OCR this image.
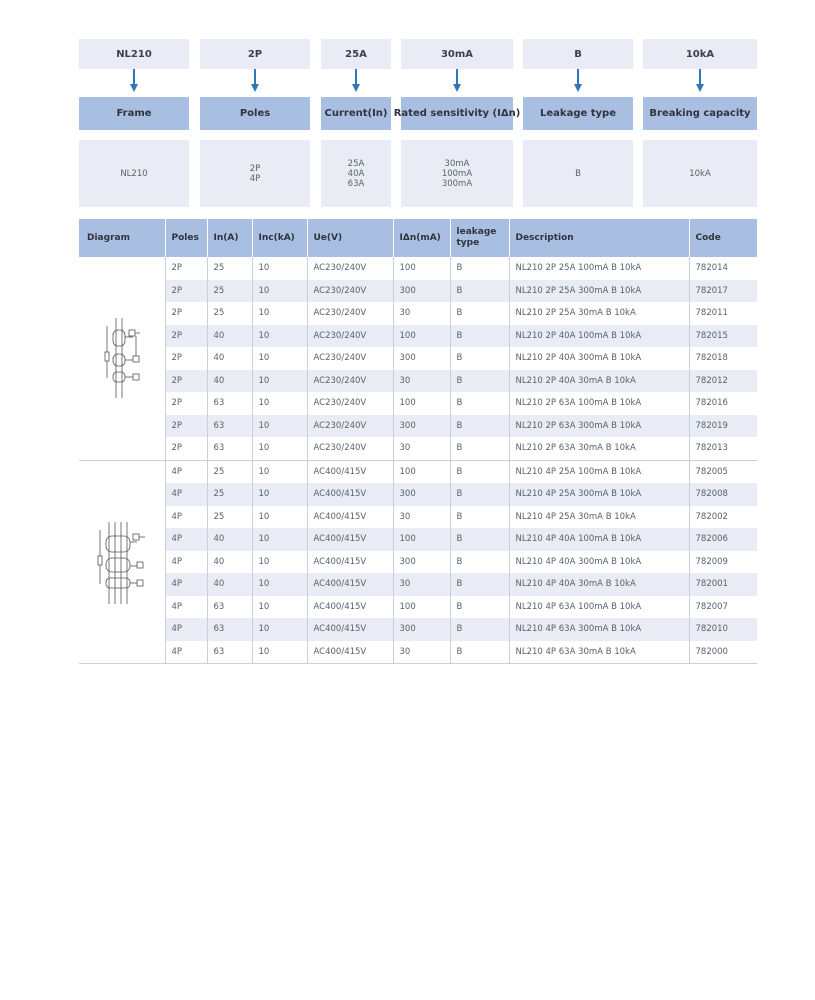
NL210
Frame
NL210
2P
Poles
2P
4P
25A
Current(In)
25A
40A
63A
30mA
Rated sensitivity (IΔn)
30mA
100mA
300mA
B
Leakage type
B
10kA
Breaking capacity
10kA
Diagram	Poles	In(A)	Inc(kA)	Ue(V)	IΔn(mA)	leakage type	Description	Code

	2P	25	10	AC230/240V	100	B	NL210 2P 25A 100mA B 10kA	782014
	2P	25	10	AC230/240V	300	B	NL210 2P 25A 300mA B 10kA	782017
	2P	25	10	AC230/240V	30	B	NL210 2P 25A 30mA B 10kA	782011
	2P	40	10	AC230/240V	100	B	NL210 2P 40A 100mA B 10kA	782015
	2P	40	10	AC230/240V	300	B	NL210 2P 40A 300mA B 10kA	782018
	2P	40	10	AC230/240V	30	B	NL210 2P 40A 30mA B 10kA	782012
	2P	63	10	AC230/240V	100	B	NL210 2P 63A 100mA B 10kA	782016
	2P	63	10	AC230/240V	300	B	NL210 2P 63A 300mA B 10kA	782019
	2P	63	10	AC230/240V	30	B	NL210 2P 63A 30mA B 10kA	782013

	4P	25	10	AC400/415V	100	B	NL210 4P 25A 100mA B 10kA	782005
	4P	25	10	AC400/415V	300	B	NL210 4P 25A 300mA B 10kA	782008
	4P	25	10	AC400/415V	30	B	NL210 4P 25A 30mA B 10kA	782002
	4P	40	10	AC400/415V	100	B	NL210 4P 40A 100mA B 10kA	782006
	4P	40	10	AC400/415V	300	B	NL210 4P 40A 300mA B 10kA	782009
	4P	40	10	AC400/415V	30	B	NL210 4P 40A 30mA B 10kA	782001
	4P	63	10	AC400/415V	100	B	NL210 4P 63A 100mA B 10kA	782007
	4P	63	10	AC400/415V	300	B	NL210 4P 63A 300mA B 10kA	782010
	4P	63	10	AC400/415V	30	B	NL210 4P 63A 30mA B 10kA	782000
